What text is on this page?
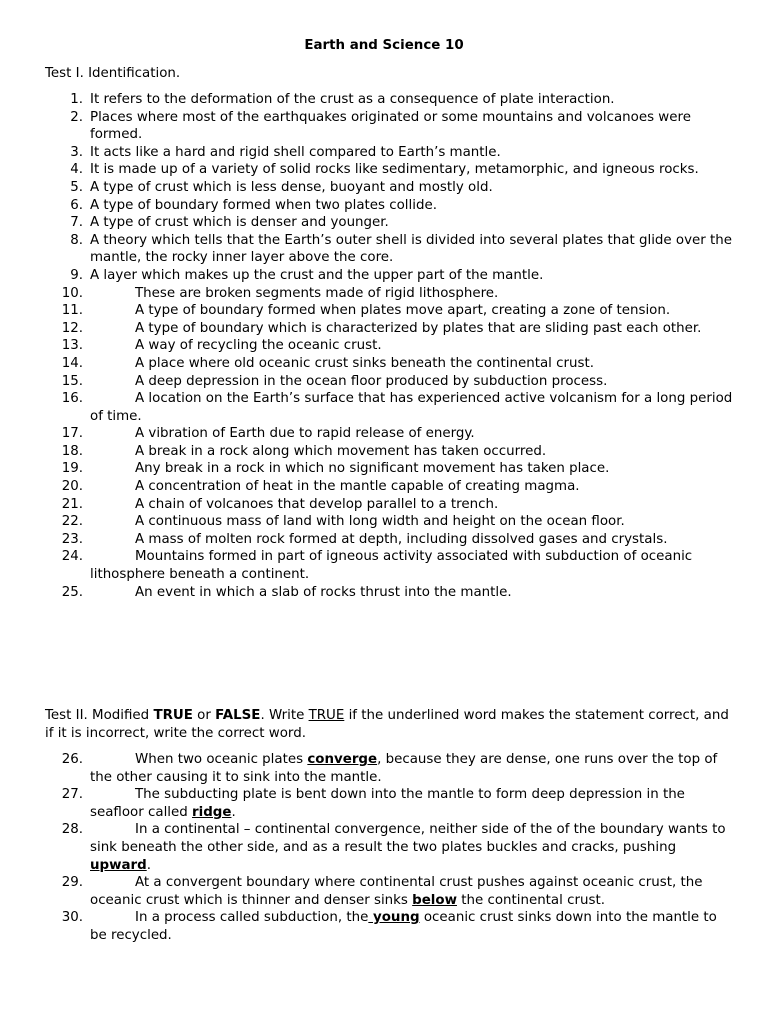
Earth and Science 10
Test I. Identification.
1. It refers to the deformation of the crust as a consequence of plate interaction.
2. Places where most of the earthquakes originated or some mountains and volcanoes were formed.
3. It acts like a hard and rigid shell compared to Earth’s mantle.
4. It is made up of a variety of solid rocks like sedimentary, metamorphic, and igneous rocks.
5. A type of crust which is less dense, buoyant and mostly old.
6. A type of boundary formed when two plates collide.
7. A type of crust which is denser and younger.
8. A theory which tells that the Earth’s outer shell is divided into several plates that glide over the mantle, the rocky inner layer above the core.
9. A layer which makes up the crust and the upper part of the mantle.
10.	These are broken segments made of rigid lithosphere.
11.	A type of boundary formed when plates move apart, creating a zone of tension.
12.	A type of boundary which is characterized by plates that are sliding past each other.
13.	A way of recycling the oceanic crust.
14.	A place where old oceanic crust sinks beneath the continental crust.
15.	A deep depression in the ocean floor produced by subduction process.
16.	A location on the Earth’s surface that has experienced active volcanism for a long period of time.
17.	A vibration of Earth due to rapid release of energy.
18.	A break in a rock along which movement has taken occurred.
19.	Any break in a rock in which no significant movement has taken place.
20.	A concentration of heat in the mantle capable of creating magma.
21.	A chain of volcanoes that develop parallel to a trench.
22.	A continuous mass of land with long width and height on the ocean floor.
23.	A mass of molten rock formed at depth, including dissolved gases and crystals.
24.	Mountains formed in part of igneous activity associated with subduction of oceanic lithosphere beneath a continent.
25.	An event in which a slab of rocks thrust into the mantle.
Test II. Modified TRUE or FALSE. Write TRUE if the underlined word makes the statement correct, and if it is incorrect, write the correct word.
26.	When two oceanic plates converge, because they are dense, one runs over the top of the other causing it to sink into the mantle.
27.	The subducting plate is bent down into the mantle to form deep depression in the seafloor called ridge.
28.	In a continental – continental convergence, neither side of the of the boundary wants to sink beneath the other side, and as a result the two plates buckles and cracks, pushing upward.
29.	At a convergent boundary where continental crust pushes against oceanic crust, the oceanic crust which is thinner and denser sinks below the continental crust.
30.	In a process called subduction, the young oceanic crust sinks down into the mantle to be recycled.
